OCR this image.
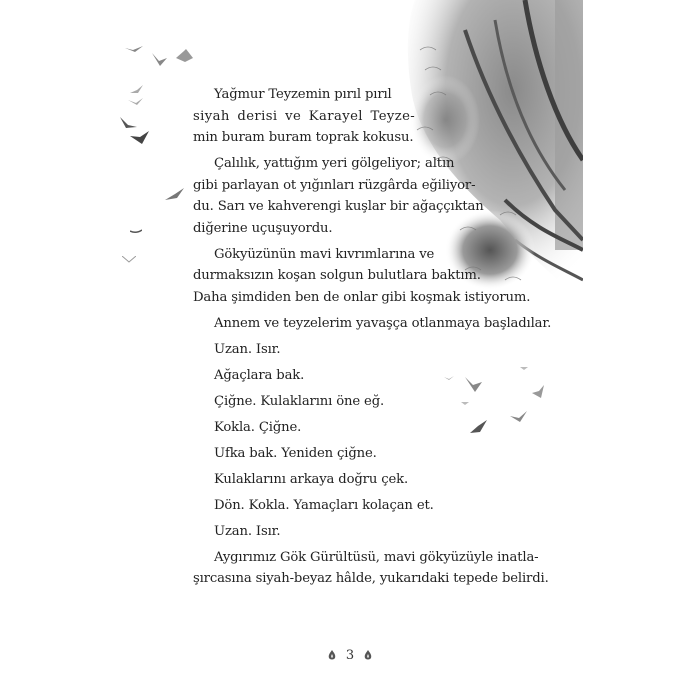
Yağmur Teyzemin pırıl pırıl
siyah derisi ve Karayel Teyze-
min buram buram toprak kokusu.

Çalılık, yattığım yeri gölgeliyor; altın
gibi parlayan ot yığınları rüzgârda eğiliyor-
du. Sarı ve kahverengi kuşlar bir ağaççıktan
diğerine uçuşuyordu.

Gökyüzünün mavi kıvrımlarına ve
durmaksızın koşan solgun bulutlara baktım.
Daha şimdiden ben de onlar gibi koşmak istiyorum.

Annem ve teyzelerim yavaşça otlanmaya başladılar.

Uzan. Isır.

Ağaçlara bak.

Çiğne. Kulaklarını öne eğ.

Kokla. Çiğne.

Ufka bak. Yeniden çiğne.

Kulaklarını arkaya doğru çek.

Dön. Kokla. Yamaçları kolaçan et.

Uzan. Isır.

Aygırımız Gök Gürültüsü, mavi gökyüzüyle inatla-
şırcasına siyah-beyaz hâlde, yukarıdaki tepede belirdi.

3
